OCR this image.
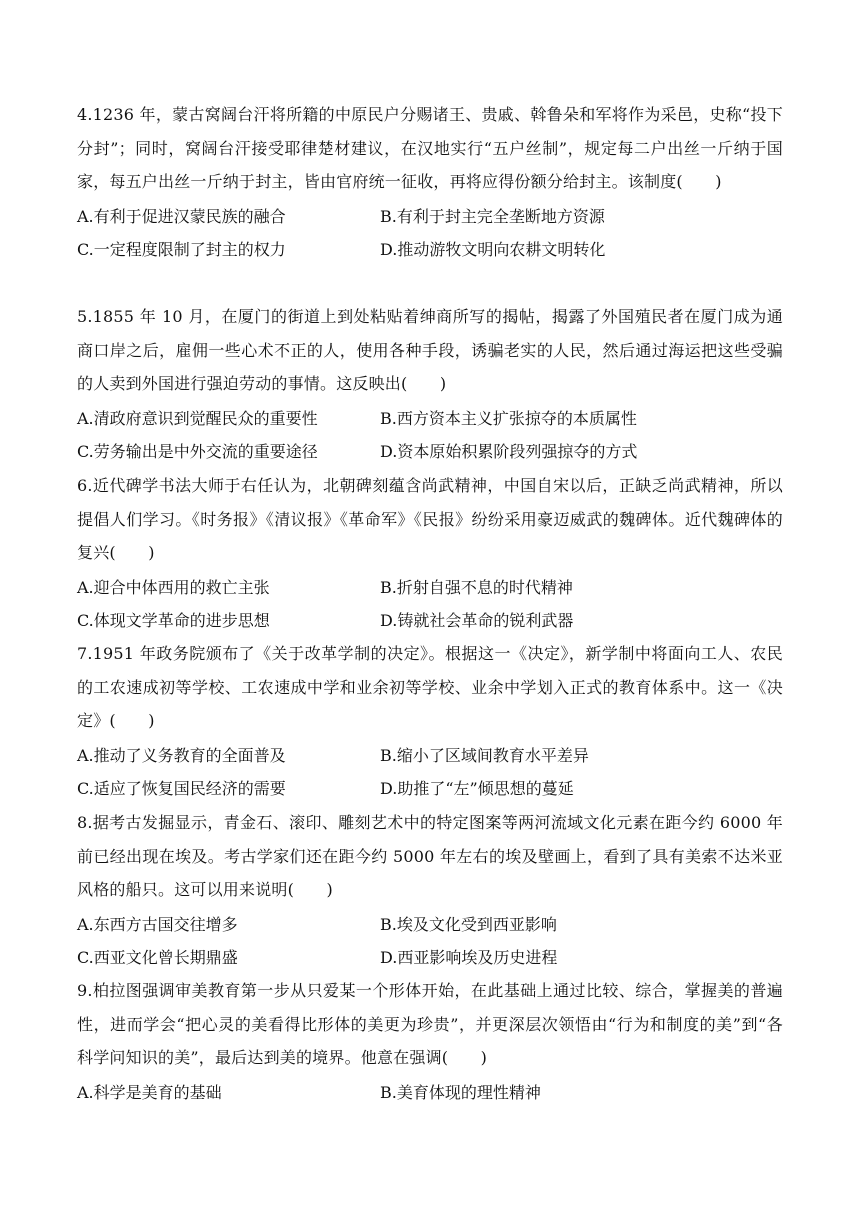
4.1236 年，蒙古窝阔台汗将所籍的中原民户分赐诸王、贵戚、斡鲁朵和军将作为采邑，史称“投下分封”；同时，窝阔台汗接受耶律楚材建议，在汉地实行“五户丝制”，规定每二户出丝一斤纳于国家，每五户出丝一斤纳于封主，皆由官府统一征收，再将应得份额分给封主。该制度(　　)

A.有利于促进汉蒙民族的融合	B.有利于封主完全垄断地方资源
C.一定程度限制了封主的权力	D.推动游牧文明向农耕文明转化

5.1855 年 10 月，在厦门的街道上到处粘贴着绅商所写的揭帖，揭露了外国殖民者在厦门成为通商口岸之后，雇佣一些心术不正的人，使用各种手段，诱骗老实的人民，然后通过海运把这些受骗的人卖到外国进行强迫劳动的事情。这反映出(　　)

A.清政府意识到觉醒民众的重要性	B.西方资本主义扩张掠夺的本质属性
C.劳务输出是中外交流的重要途径	D.资本原始积累阶段列强掠夺的方式

6.近代碑学书法大师于右任认为，北朝碑刻蕴含尚武精神，中国自宋以后，正缺乏尚武精神，所以提倡人们学习。《时务报》《清议报》《革命军》《民报》纷纷采用豪迈威武的魏碑体。近代魏碑体的复兴(　　)

A.迎合中体西用的救亡主张	B.折射自强不息的时代精神
C.体现文学革命的进步思想	D.铸就社会革命的锐利武器

7.1951 年政务院颁布了《关于改革学制的决定》。根据这一《决定》，新学制中将面向工人、农民的工农速成初等学校、工农速成中学和业余初等学校、业余中学划入正式的教育体系中。这一《决定》(　　)

A.推动了义务教育的全面普及	B.缩小了区域间教育水平差异
C.适应了恢复国民经济的需要	D.助推了“左”倾思想的蔓延

8.据考古发掘显示，青金石、滚印、雕刻艺术中的特定图案等两河流域文化元素在距今约 6000 年前已经出现在埃及。考古学家们还在距今约 5000 年左右的埃及壁画上，看到了具有美索不达米亚风格的船只。这可以用来说明(　　)

A.东西方古国交往增多	B.埃及文化受到西亚影响
C.西亚文化曾长期鼎盛	D.西亚影响埃及历史进程

9.柏拉图强调审美教育第一步从只爱某一个形体开始，在此基础上通过比较、综合，掌握美的普遍性，进而学会“把心灵的美看得比形体的美更为珍贵”，并更深层次领悟由“行为和制度的美”到“各科学问知识的美”，最后达到美的境界。他意在强调(　　)

A.科学是美育的基础	B.美育体现的理性精神
